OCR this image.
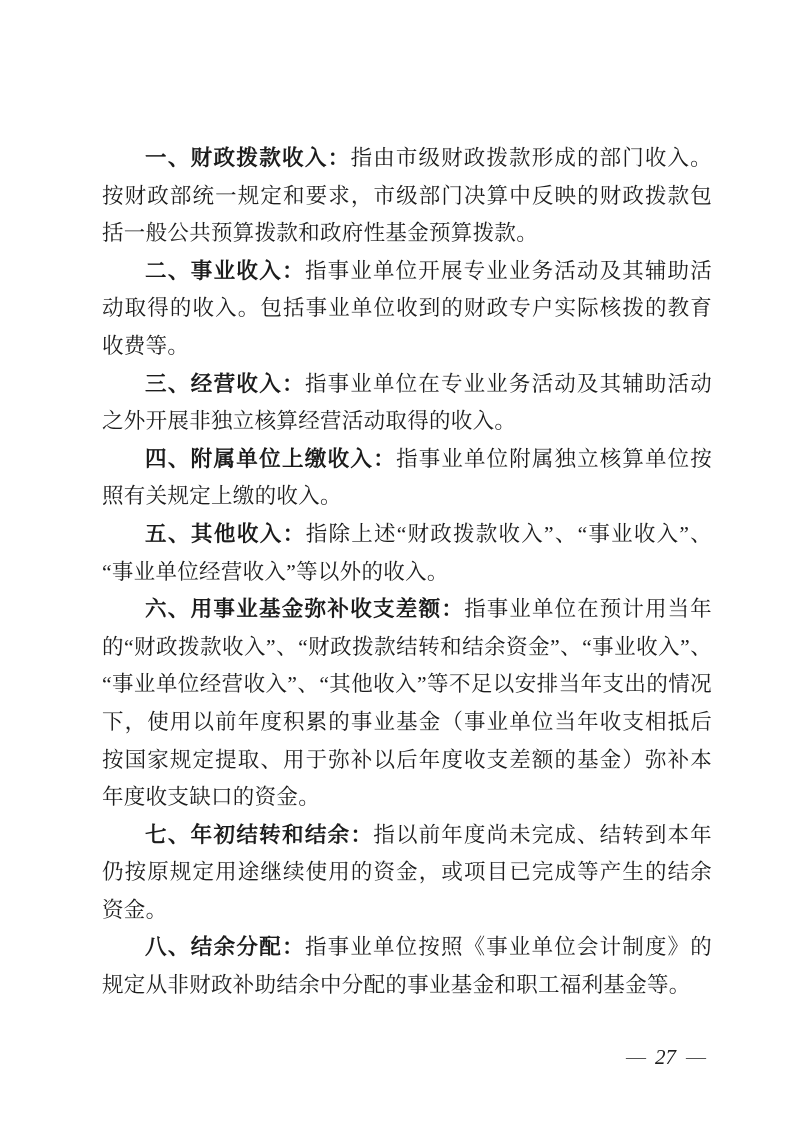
一、财政拨款收入：指由市级财政拨款形成的部门收入。按财政部统一规定和要求，市级部门决算中反映的财政拨款包括一般公共预算拨款和政府性基金预算拨款。

二、事业收入：指事业单位开展专业业务活动及其辅助活动取得的收入。包括事业单位收到的财政专户实际核拨的教育收费等。

三、经营收入：指事业单位在专业业务活动及其辅助活动之外开展非独立核算经营活动取得的收入。

四、附属单位上缴收入：指事业单位附属独立核算单位按照有关规定上缴的收入。

五、其他收入：指除上述“财政拨款收入”、“事业收入”、 “事业单位经营收入”等以外的收入。

六、用事业基金弥补收支差额：指事业单位在预计用当年的“财政拨款收入”、“财政拨款结转和结余资金”、“事业收入”、“事业单位经营收入”、“其他收入”等不足以安排当年支出的情况下，使用以前年度积累的事业基金（事业单位当年收支相抵后按国家规定提取、用于弥补以后年度收支差额的基金）弥补本年度收支缺口的资金。

七、年初结转和结余：指以前年度尚未完成、结转到本年仍按原规定用途继续使用的资金，或项目已完成等产生的结余资金。

八、结余分配：指事业单位按照《事业单位会计制度》的规定从非财政补助结余中分配的事业基金和职工福利基金等。

— 27 —
